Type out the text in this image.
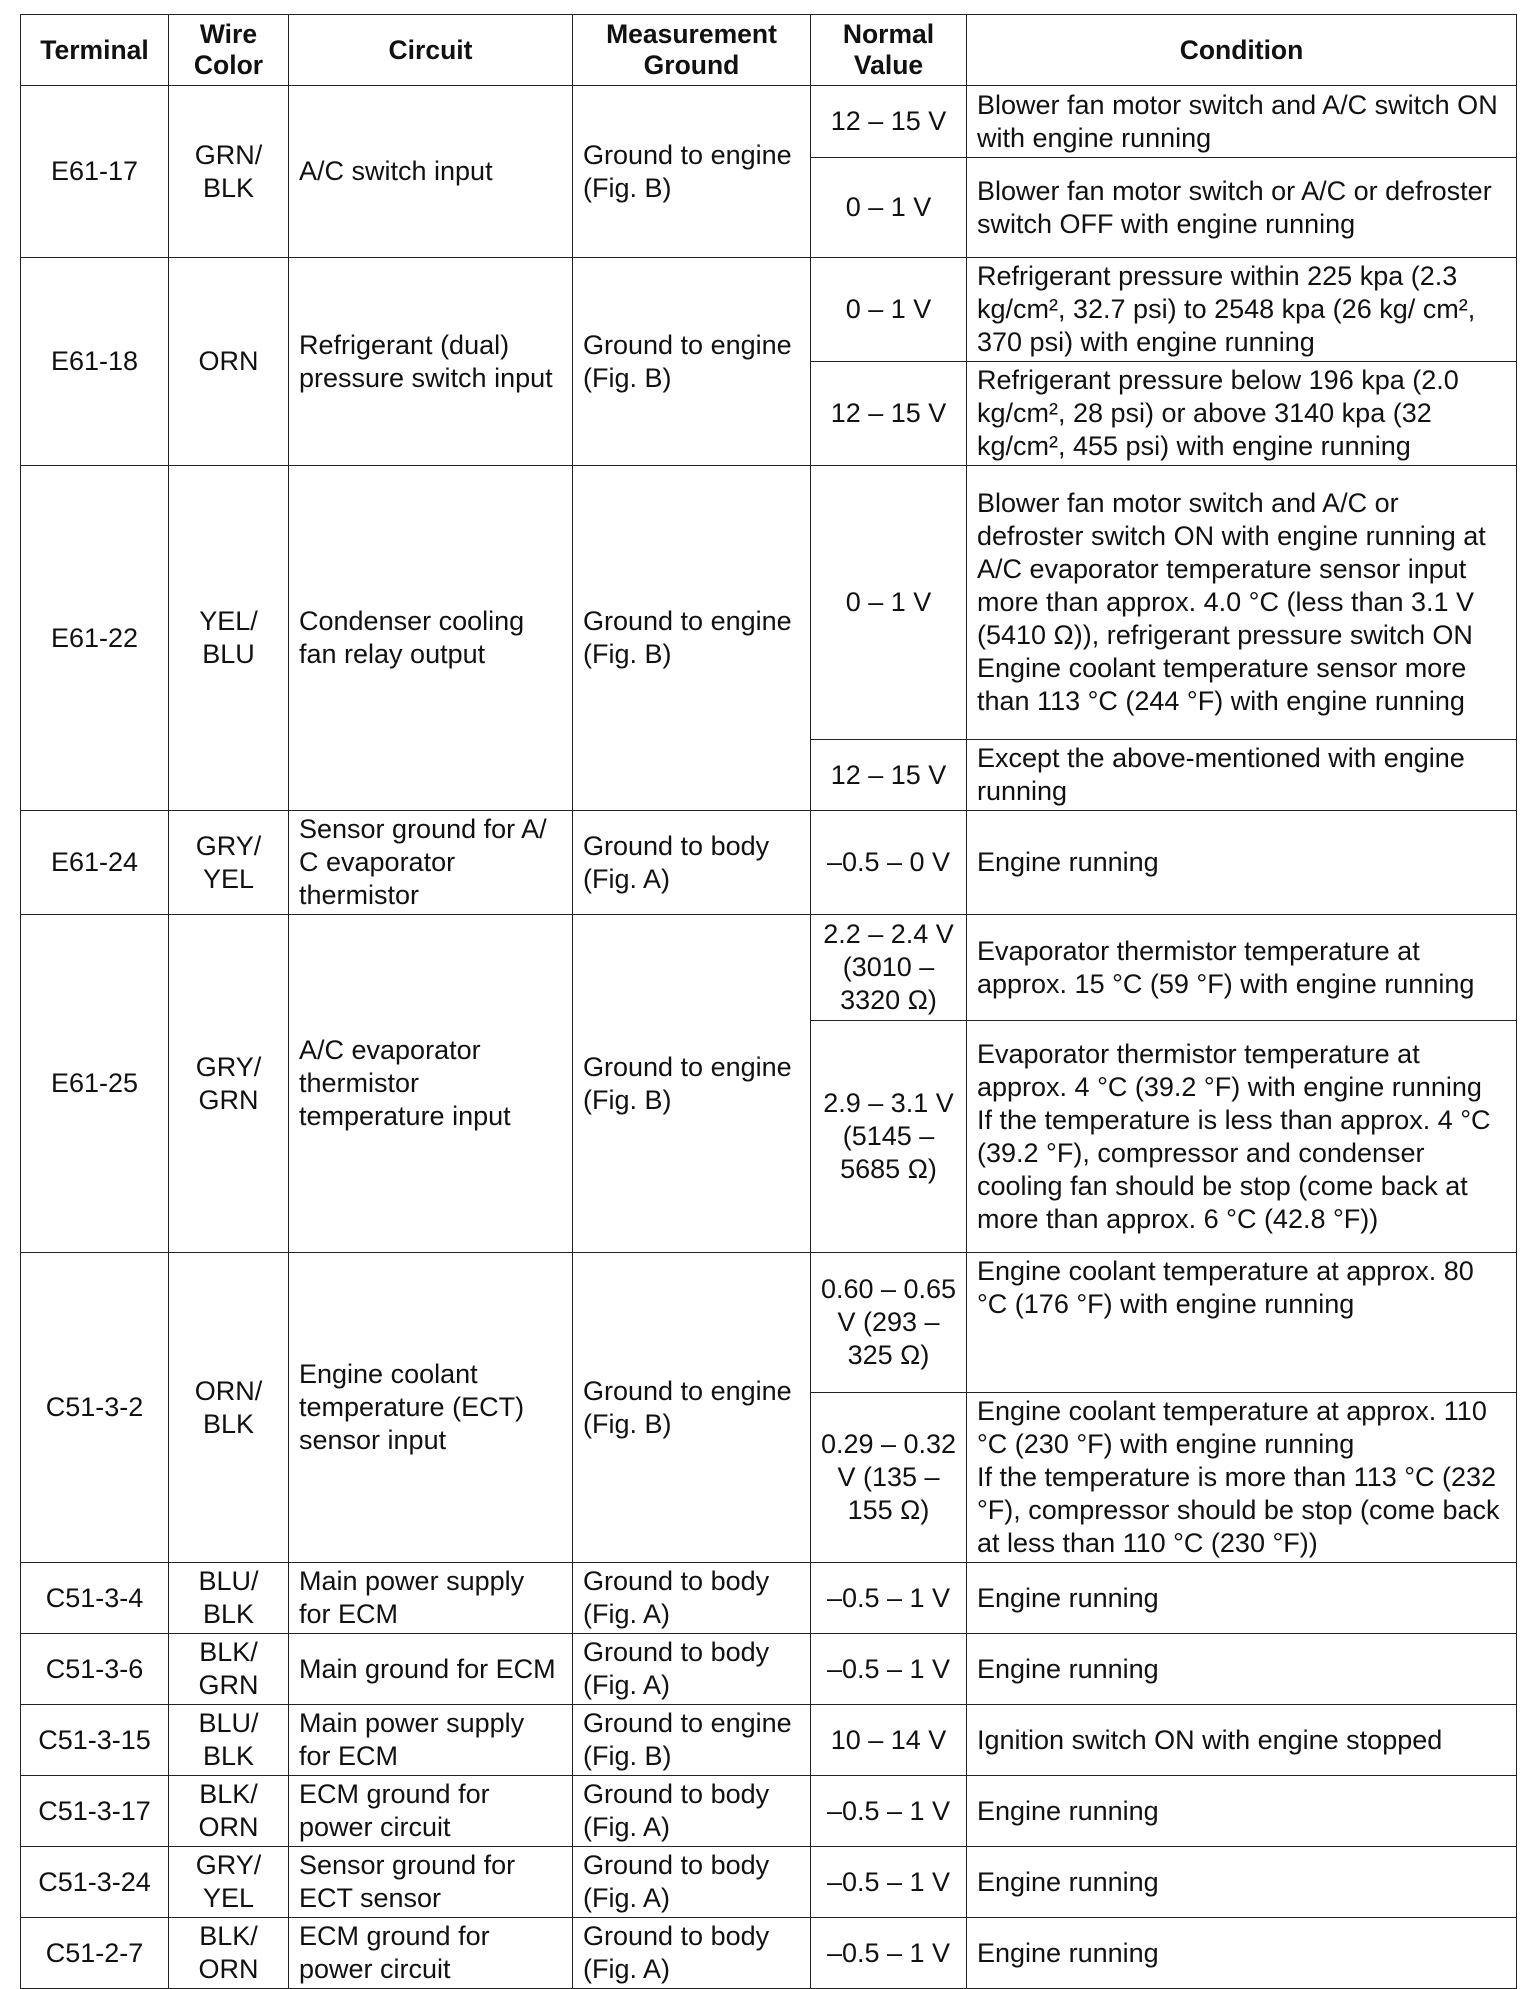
Terminal	Wire Color	Circuit	Measurement Ground	Normal Value	Condition
E61-17	GRN/ BLK	A/C switch input	Ground to engine (Fig. B)	12 – 15 V	Blower fan motor switch and A/C switch ON with engine running
				0 – 1 V	Blower fan motor switch or A/C or defroster switch OFF with engine running
E61-18	ORN	Refrigerant (dual) pressure switch input	Ground to engine (Fig. B)	0 – 1 V	Refrigerant pressure within 225 kpa (2.3 kg/cm², 32.7 psi) to 2548 kpa (26 kg/ cm², 370 psi) with engine running
				12 – 15 V	Refrigerant pressure below 196 kpa (2.0 kg/cm², 28 psi) or above 3140 kpa (32 kg/cm², 455 psi) with engine running
E61-22	YEL/ BLU	Condenser cooling fan relay output	Ground to engine (Fig. B)	0 – 1 V	Blower fan motor switch and A/C or defroster switch ON with engine running at A/C evaporator temperature sensor input more than approx. 4.0 °C (less than 3.1 V (5410 Ω)), refrigerant pressure switch ON
Engine coolant temperature sensor more than 113 °C (244 °F) with engine running

				12 – 15 V	Except the above-mentioned with engine running
E61-24	GRY/ YEL	Sensor ground for A/ C evaporator thermistor	Ground to body (Fig. A)	–0.5 – 0 V	Engine running
E61-25	GRY/ GRN	A/C evaporator thermistor temperature input	Ground to engine (Fig. B)	2.2 – 2.4 V (3010 – 3320 Ω)	Evaporator thermistor temperature at approx. 15 °C (59 °F) with engine running
				2.9 – 3.1 V (5145 – 5685 Ω)	Evaporator thermistor temperature at approx. 4 °C (39.2 °F) with engine running
If the temperature is less than approx. 4 °C (39.2 °F), compressor and condenser cooling fan should be stop (come back at more than approx. 6 °C (42.8 °F))

C51-3-2	ORN/ BLK	Engine coolant temperature (ECT) sensor input	Ground to engine (Fig. B)	0.60 – 0.65 V (293 – 325 Ω)	Engine coolant temperature at approx. 80 °C (176 °F) with engine running
				0.29 – 0.32 V (135 – 155 Ω)	Engine coolant temperature at approx. 110 °C (230 °F) with engine running
If the temperature is more than 113 °C (232 °F), compressor should be stop (come back at less than 110 °C (230 °F))

C51-3-4	BLU/ BLK	Main power supply for ECM	Ground to body (Fig. A)	–0.5 – 1 V	Engine running
C51-3-6	BLK/ GRN	Main ground for ECM	Ground to body (Fig. A)	–0.5 – 1 V	Engine running
C51-3-15	BLU/ BLK	Main power supply for ECM	Ground to engine (Fig. B)	10 – 14 V	Ignition switch ON with engine stopped
C51-3-17	BLK/ ORN	ECM ground for power circuit	Ground to body (Fig. A)	–0.5 – 1 V	Engine running
C51-3-24	GRY/ YEL	Sensor ground for ECT sensor	Ground to body (Fig. A)	–0.5 – 1 V	Engine running
C51-2-7	BLK/ ORN	ECM ground for power circuit	Ground to body (Fig. A)	–0.5 – 1 V	Engine running
